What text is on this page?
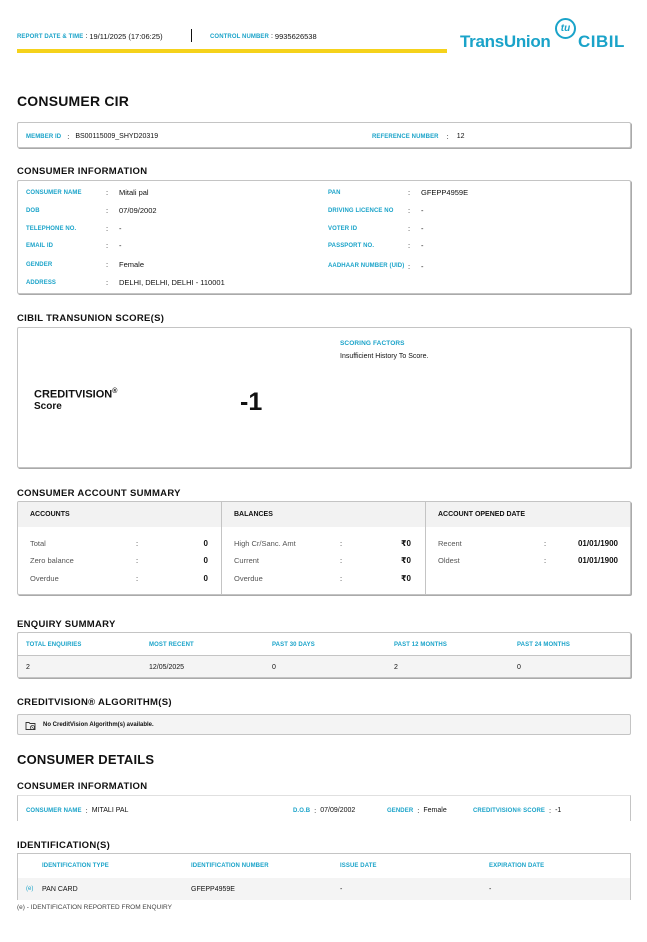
REPORT DATE & TIME : 19/11/2025 (17:06:25)	CONTROL NUMBER : 9935626538
tu
TransUnion CIBIL
CONSUMER CIR
MEMBER ID : BS00115009_SHYD20319	REFERENCE NUMBER : 12
CONSUMER INFORMATION
CONSUMER NAME	:	Mitali pal
DOB	:	07/09/2002
TELEPHONE NO.	:	-
EMAIL ID	:	-
GENDER	:	Female
ADDRESS	:	DELHI, DELHI, DELHI - 110001
PAN	:	GFEPP4959E
DRIVING LICENCE NO	:	-
VOTER ID	:	-
PASSPORT NO.	:	-
AADHAAR NUMBER (UID) :	-
CIBIL TRANSUNION SCORE(S)
CREDITVISION®
Score	-1
SCORING FACTORS
Insufficient History To Score.
CONSUMER ACCOUNT SUMMARY
ACCOUNTS
Total	:	0
Zero balance	:	0
Overdue	:	0
BALANCES
High Cr/Sanc. Amt	:	₹0
Current	:	₹0
Overdue	:	₹0
ACCOUNT OPENED DATE
Recent	:	01/01/1900
Oldest	:	01/01/1900
ENQUIRY SUMMARY
TOTAL ENQUIRIES	MOST RECENT	PAST 30 DAYS	PAST 12 MONTHS	PAST 24 MONTHS
2	12/05/2025	0	2	0
CREDITVISION® ALGORITHM(S)
No CreditVision Algorithm(s) available.
CONSUMER DETAILS
CONSUMER INFORMATION
CONSUMER NAME : MITALI PAL	D.O.B : 07/09/2002	GENDER : Female	CREDITVISION® SCORE : -1
IDENTIFICATION(S)
IDENTIFICATION TYPE	IDENTIFICATION NUMBER	ISSUE DATE	EXPIRATION DATE
(e) PAN CARD	GFEPP4959E	-	-
(e) - IDENTIFICATION REPORTED FROM ENQUIRY
